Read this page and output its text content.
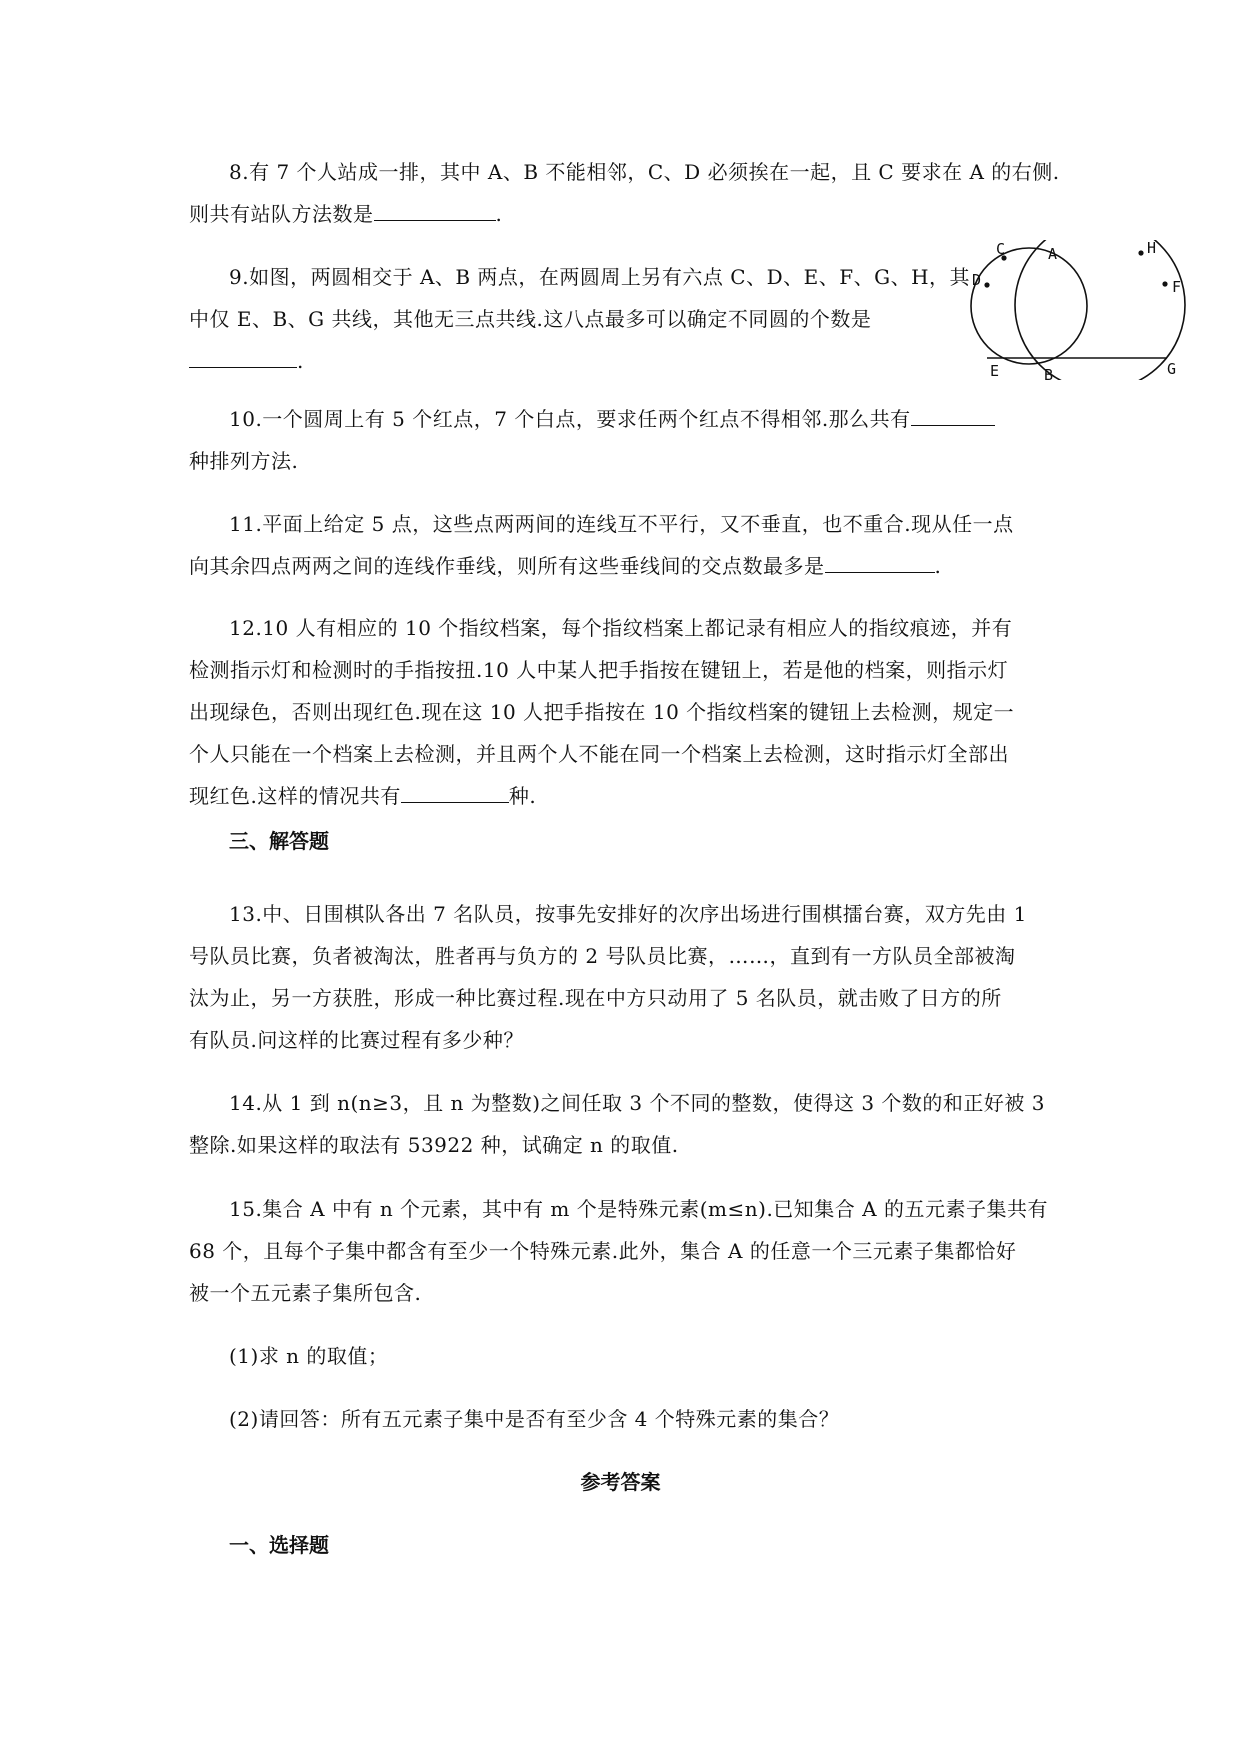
8.有 7 个人站成一排，其中 A、B 不能相邻，C、D 必须挨在一起，且 C 要求在 A 的右侧.
则共有站队方法数是	.
9.如图，两圆相交于 A、B 两点，在两圆周上另有六点 C、D、E、F、G、H，其
中仅 E、B、G 共线，其他无三点共线.这八点最多可以确定不同圆的个数是
.
C	A	H
D	F
E	B	G
10.一个圆周上有 5 个红点，7 个白点，要求任两个红点不得相邻.那么共有
种排列方法.
11.平面上给定 5 点，这些点两两间的连线互不平行，又不垂直，也不重合.现从任一点
向其余四点两两之间的连线作垂线，则所有这些垂线间的交点数最多是	.
12.10 人有相应的 10 个指纹档案，每个指纹档案上都记录有相应人的指纹痕迹，并有
检测指示灯和检测时的手指按扭.10 人中某人把手指按在键钮上，若是他的档案，则指示灯
出现绿色，否则出现红色.现在这 10 人把手指按在 10 个指纹档案的键钮上去检测，规定一
个人只能在一个档案上去检测，并且两个人不能在同一个档案上去检测，这时指示灯全部出
现红色.这样的情况共有	种.
三、解答题
13.中、日围棋队各出 7 名队员，按事先安排好的次序出场进行围棋擂台赛，双方先由 1
号队员比赛，负者被淘汰，胜者再与负方的 2 号队员比赛，……，直到有一方队员全部被淘
汰为止，另一方获胜，形成一种比赛过程.现在中方只动用了 5 名队员，就击败了日方的所
有队员.问这样的比赛过程有多少种？
14.从 1 到 n(n≥3，且 n 为整数)之间任取 3 个不同的整数，使得这 3 个数的和正好被 3
整除.如果这样的取法有 53922 种，试确定 n 的取值.
15.集合 A 中有 n 个元素，其中有 m 个是特殊元素(m≤n).已知集合 A 的五元素子集共有
68 个，且每个子集中都含有至少一个特殊元素.此外，集合 A 的任意一个三元素子集都恰好
被一个五元素子集所包含.
(1)求 n 的取值；
(2)请回答：所有五元素子集中是否有至少含 4 个特殊元素的集合？
参考答案
一、选择题
